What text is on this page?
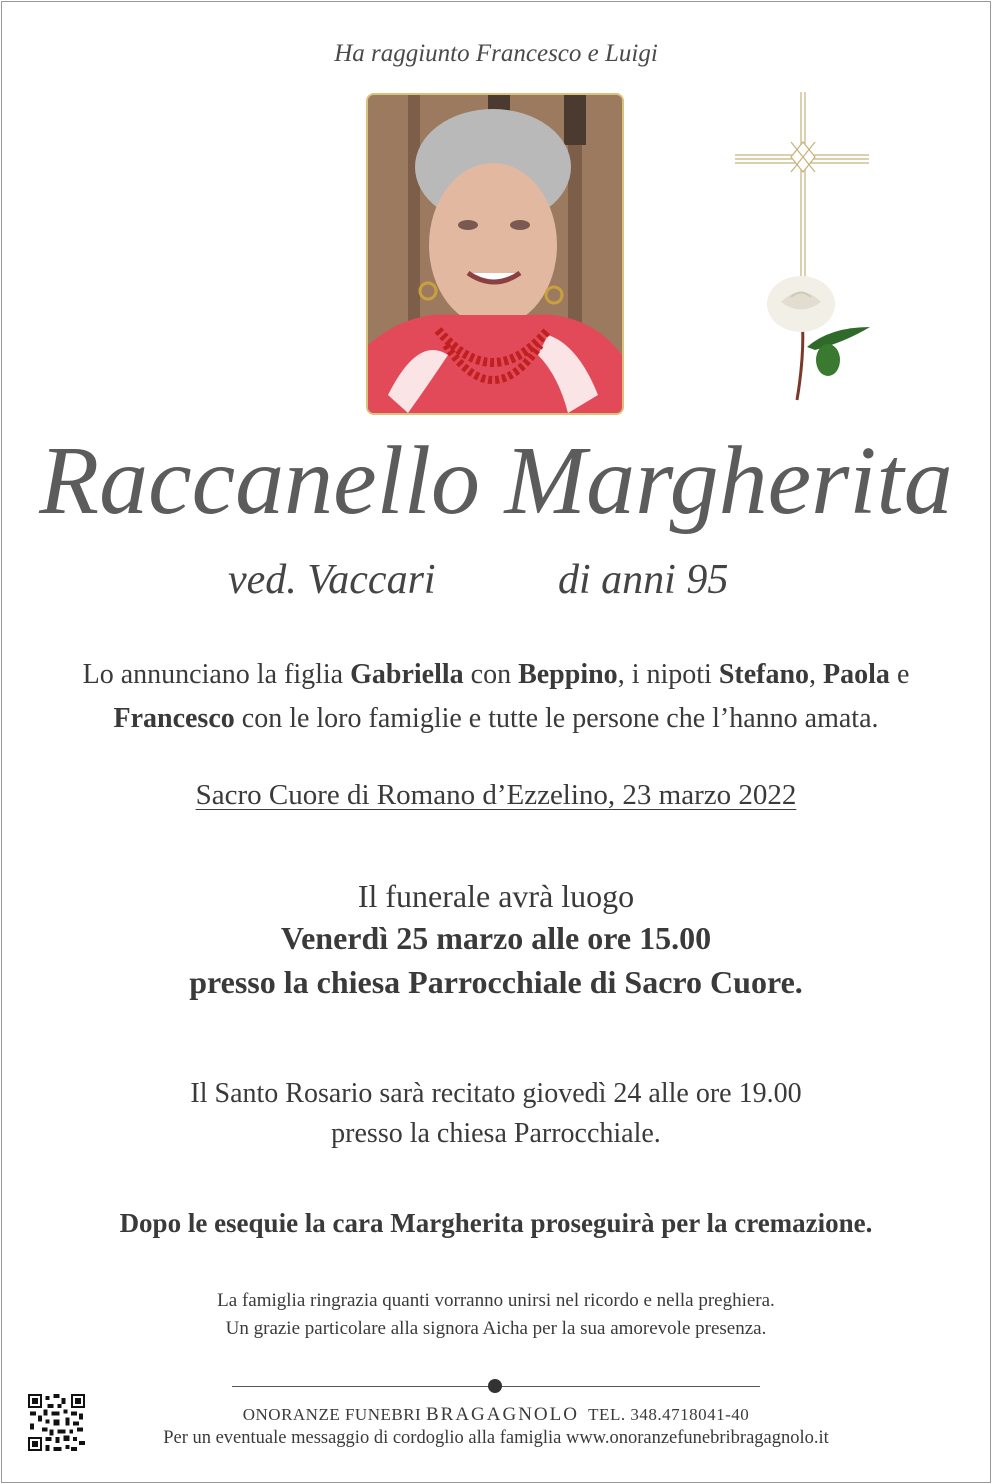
Ha raggiunto Francesco e Luigi
Raccanello Margherita
ved. Vaccari	di anni 95
Lo annunciano la figlia Gabriella con Beppino, i nipoti Stefano, Paola e
Francesco con le loro famiglie e tutte le persone che l’hanno amata.
Sacro Cuore di Romano d’Ezzelino, 23 marzo 2022
Il funerale avrà luogo
Venerdì 25 marzo alle ore 15.00
presso la chiesa Parrocchiale di Sacro Cuore.
Il Santo Rosario sarà recitato giovedì 24 alle ore 19.00
presso la chiesa Parrocchiale.
Dopo le esequie la cara Margherita proseguirà per la cremazione.
La famiglia ringrazia quanti vorranno unirsi nel ricordo e nella preghiera.
Un grazie particolare alla signora Aicha per la sua amorevole presenza.
ONORANZE FUNEBRI BRAGAGNOLO TEL. 348.4718041-40
Per un eventuale messaggio di cordoglio alla famiglia www.onoranzefunebribragagnolo.it
